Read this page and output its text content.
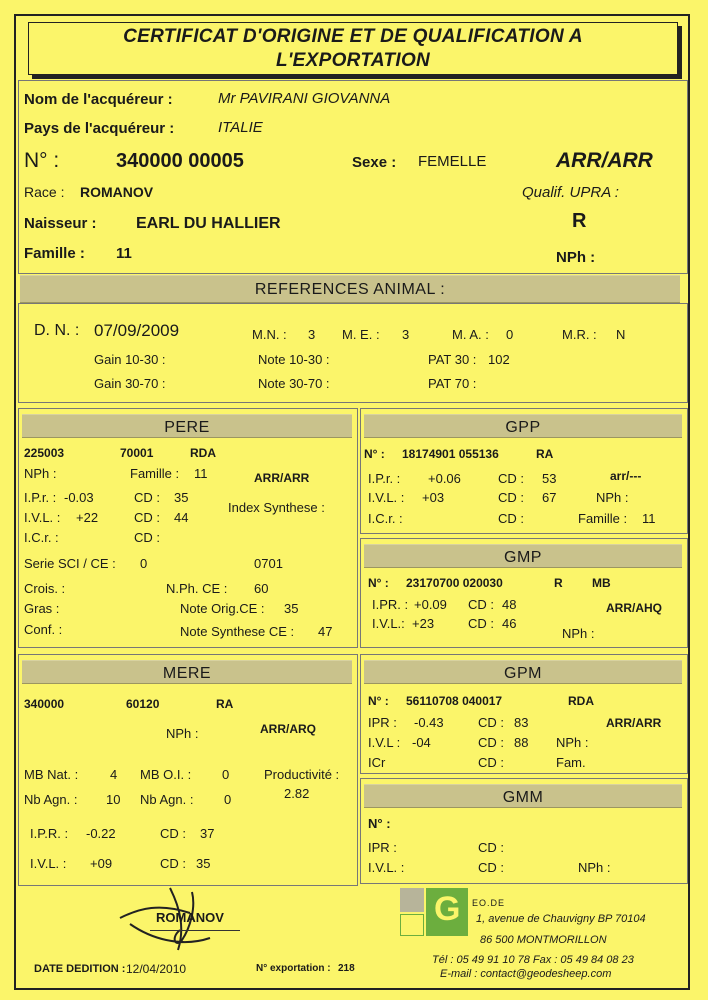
CERTIFICAT D'ORIGINE ET DE QUALIFICATION A
L'EXPORTATION
Nom de l'acquéreur :	Mr PAVIRANI GIOVANNA
Pays de l'acquéreur :	ITALIE
N° :	340000 00005	Sexe : FEMELLE	ARR/ARR
Race : ROMANOV	Qualif. UPRA :
R
Naisseur : EARL DU HALLIER
Famille : 11	NPh :
REFERENCES ANIMAL :
D. N. : 07/09/2009	M.N. : 3 M. E. : 3	M. A. : 0	M.R. : N
Gain 10-30 :	Note 10-30 :	PAT 30 : 102
Gain 30-70 :	Note 30-70 :	PAT 70 :
PERE
225003	70001	RDA
NPh :	Famille : 11	ARR/ARR
I.P.r. : -0.03	CD : 35
Index Synthese :
I.V.L. : +22	CD : 44
I.C.r. :	CD :
Serie SCI / CE : 0	0701
Crois. :	N.Ph. CE : 60
Gras :	Note Orig.CE : 35
Conf. :	Note Synthese CE : 47
GPP
N° : 18174901 055136	RA
I.P.r. : +0.06	CD : 53	arr/---
I.V.L. : +03	CD : 67	NPh :
I.C.r. :	CD :	Famille : 11
GMP
N° : 23170700 020030	R MB
I.PR. : +0.09 CD : 48	ARR/AHQ
I.V.L.: +23	CD : 46
NPh :
MERE
340000	60120	RA
NPh :	ARR/ARQ
MB Nat. : 4 MB O.I. : 0	Productivité :
2.82
Nb Agn. : 10 Nb Agn. : 0
I.P.R. : -0.22	CD : 37
I.V.L. : +09	CD : 35
GPM
N° : 56110708 040017	RDA
IPR : -0.43	CD : 83	ARR/ARR
I.V.L : -04	CD : 88 NPh :
ICr	CD :	Fam.
GMM
N° :
IPR :	CD :
I.V.L. :	CD :	NPh :
ROMANOV
DATE DEDITION : 12/04/2010	N° exportation : 218
G EO.DE
1, avenue de Chauvigny BP 70104
86 500 MONTMORILLON
Tél : 05 49 91 10 78 Fax : 05 49 84 08 23
E-mail : contact@geodesheep.com
